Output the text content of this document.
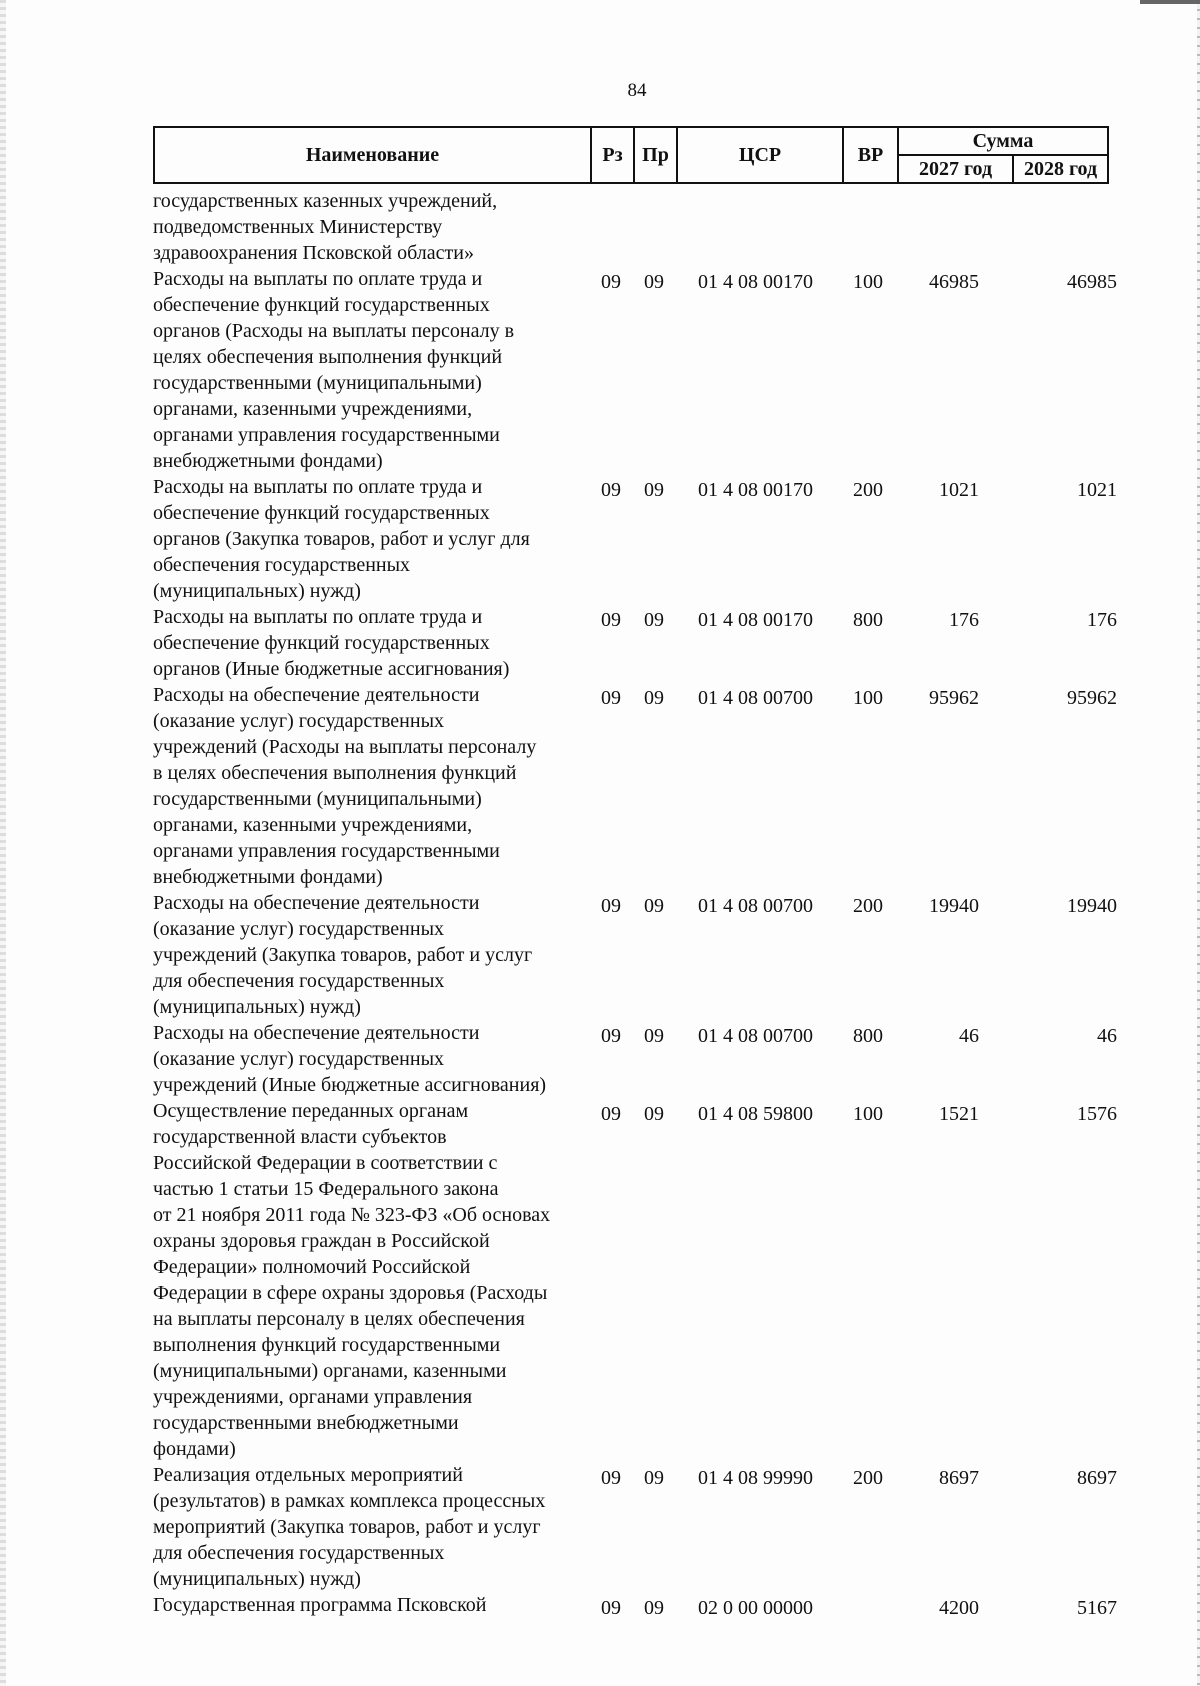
84
Наименование	Рз	Пр	ЦСР	ВР	Сумма	
					2027 год	2028 год
государственных казенных учреждений,
подведомственных Министерству
здравоохранения Псковской области»
Расходы на выплаты по оплате труда и
обеспечение функций государственных
органов (Расходы на выплаты персоналу в
целях обеспечения выполнения функций
государственными (муниципальными)
органами, казенными учреждениями,
органами управления государственными
внебюджетными фондами)
09	09	01 4 08 00170	100	46985	46985
Расходы на выплаты по оплате труда и
обеспечение функций государственных
органов (Закупка товаров, работ и услуг для
обеспечения государственных
(муниципальных) нужд)
09	09	01 4 08 00170	200	1021	1021
Расходы на выплаты по оплате труда и
обеспечение функций государственных
органов (Иные бюджетные ассигнования)
09	09	01 4 08 00170	800	176	176
Расходы на обеспечение деятельности
(оказание услуг) государственных
учреждений (Расходы на выплаты персоналу
в целях обеспечения выполнения функций
государственными (муниципальными)
органами, казенными учреждениями,
органами управления государственными
внебюджетными фондами)
09	09	01 4 08 00700	100	95962	95962
Расходы на обеспечение деятельности
(оказание услуг) государственных
учреждений (Закупка товаров, работ и услуг
для обеспечения государственных
(муниципальных) нужд)
09	09	01 4 08 00700	200	19940	19940
Расходы на обеспечение деятельности
(оказание услуг) государственных
учреждений (Иные бюджетные ассигнования)
09	09	01 4 08 00700	800	46	46
Осуществление переданных органам
государственной власти субъектов
Российской Федерации в соответствии с
частью 1 статьи 15 Федерального закона
от 21 ноября 2011 года № 323-ФЗ «Об основах
охраны здоровья граждан в Российской
Федерации» полномочий Российской
Федерации в сфере охраны здоровья (Расходы
на выплаты персоналу в целях обеспечения
выполнения функций государственными
(муниципальными) органами, казенными
учреждениями, органами управления
государственными внебюджетными
фондами)
09	09	01 4 08 59800	100	1521	1576
Реализация отдельных мероприятий
(результатов) в рамках комплекса процессных
мероприятий (Закупка товаров, работ и услуг
для обеспечения государственных
(муниципальных) нужд)
09	09	01 4 08 99990	200	8697	8697
Государственная программа Псковской	09	09	02 0 00 00000	4200	5167
